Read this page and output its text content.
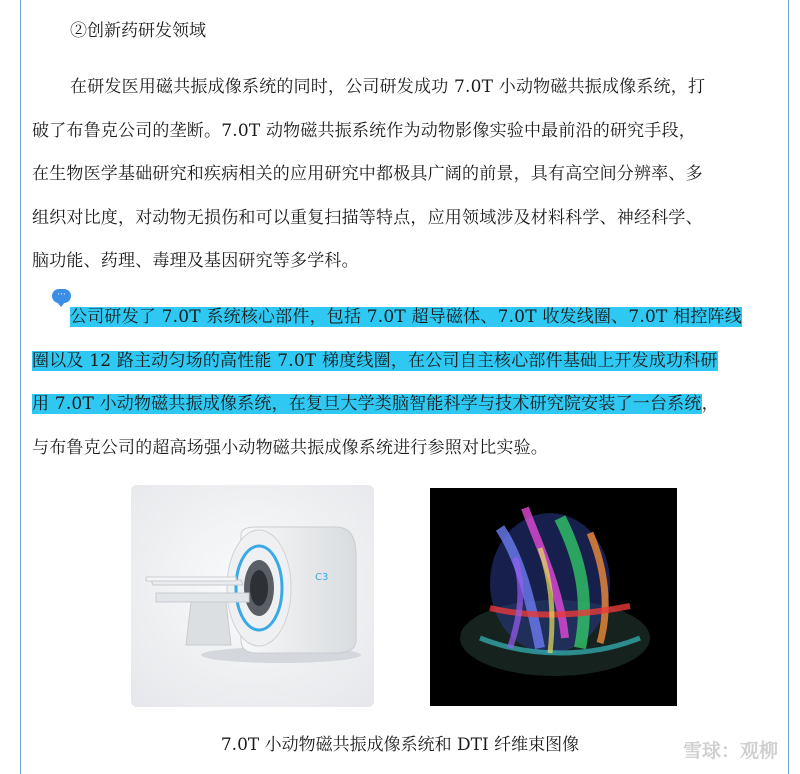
②创新药研发领域

在研发医用磁共振成像系统的同时，公司研发成功 7.0T 小动物磁共振成像系统，打

破了布鲁克公司的垄断。7.0T 动物磁共振系统作为动物影像实验中最前沿的研究手段，

在生物医学基础研究和疾病相关的应用研究中都极具广阔的前景，具有高空间分辨率、多

组织对比度，对动物无损伤和可以重复扫描等特点，应用领域涉及材料科学、神经科学、

脑功能、药理、毒理及基因研究等多学科。

···

公司研发了 7.0T 系统核心部件，包括 7.0T 超导磁体、7.0T 收发线圈、7.0T 相控阵线

圈以及 12 路主动匀场的高性能 7.0T 梯度线圈，在公司自主核心部件基础上开发成功科研

用 7.0T 小动物磁共振成像系统，在复旦大学类脑智能科学与技术研究院安装了一台系统，

与布鲁克公司的超高场强小动物磁共振成像系统进行参照对比实验。

C3
7.0T 小动物磁共振成像系统和 DTI 纤维束图像	雪球：观柳
